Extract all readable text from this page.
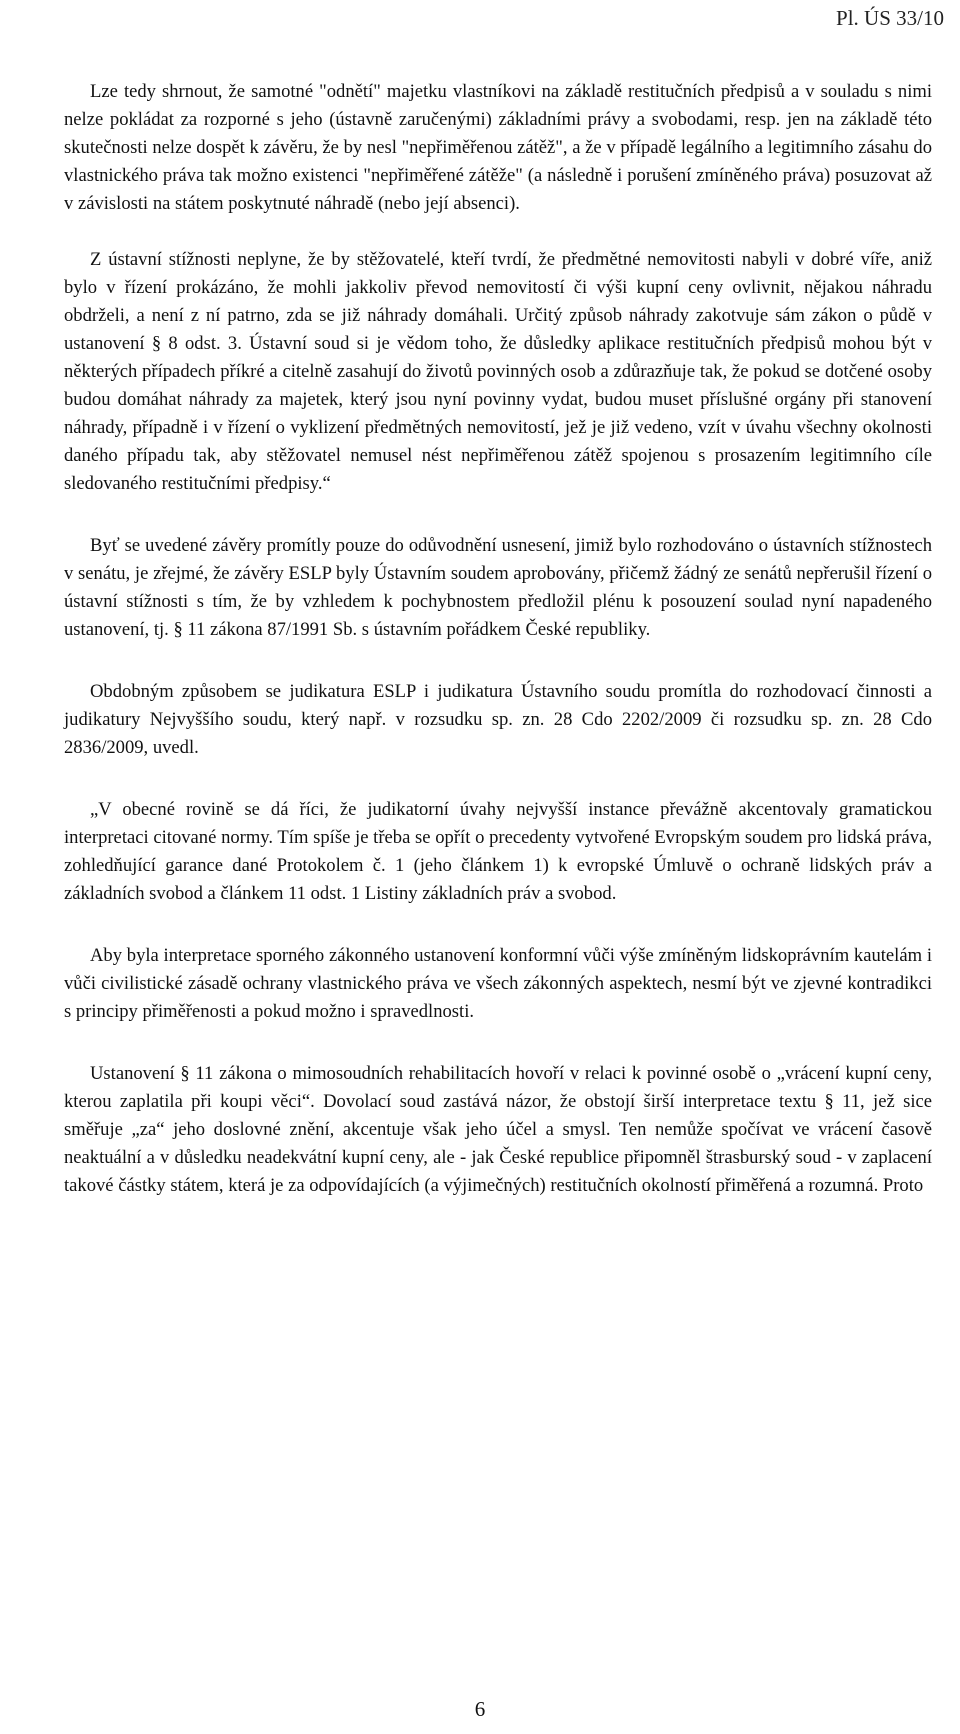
Pl. ÚS 33/10

Lze tedy shrnout, že samotné "odnětí" majetku vlastníkovi na základě restitučních předpisů a v souladu s nimi nelze pokládat za rozporné s jeho (ústavně zaručenými) základními právy a svobodami, resp. jen na základě této skutečnosti nelze dospět k závěru, že by nesl "nepřiměřenou zátěž", a že v případě legálního a legitimního zásahu do vlastnického práva tak možno existenci "nepřiměřené zátěže" (a následně i porušení zmíněného práva) posuzovat až v závislosti na státem poskytnuté náhradě (nebo její absenci).

Z ústavní stížnosti neplyne, že by stěžovatelé, kteří tvrdí, že předmětné nemovitosti nabyli v dobré víře, aniž bylo v řízení prokázáno, že mohli jakkoliv převod nemovitostí či výši kupní ceny ovlivnit, nějakou náhradu obdrželi, a není z ní patrno, zda se již náhrady domáhali. Určitý způsob náhrady zakotvuje sám zákon o půdě v ustanovení § 8 odst. 3. Ústavní soud si je vědom toho, že důsledky aplikace restitučních předpisů mohou být v některých případech příkré a citelně zasahují do životů povinných osob a zdůrazňuje tak, že pokud se dotčené osoby budou domáhat náhrady za majetek, který jsou nyní povinny vydat, budou muset příslušné orgány při stanovení náhrady, případně i v řízení o vyklizení předmětných nemovitostí, jež je již vedeno, vzít v úvahu všechny okolnosti daného případu tak, aby stěžovatel nemusel nést nepřiměřenou zátěž spojenou s prosazením legitimního cíle sledovaného restitučními předpisy.“

Byť se uvedené závěry promítly pouze do odůvodnění usnesení, jimiž bylo rozhodováno o ústavních stížnostech v senátu, je zřejmé, že závěry ESLP byly Ústavním soudem aprobovány, přičemž žádný ze senátů nepřerušil řízení o ústavní stížnosti s tím, že by vzhledem k pochybnostem předložil plénu k posouzení soulad nyní napadeného ustanovení, tj. § 11 zákona 87/1991 Sb. s ústavním pořádkem České republiky.

Obdobným způsobem se judikatura ESLP i judikatura Ústavního soudu promítla do rozhodovací činnosti a judikatury Nejvyššího soudu, který např. v rozsudku sp. zn. 28 Cdo 2202/2009 či rozsudku sp. zn. 28 Cdo 2836/2009, uvedl.

„V obecné rovině se dá říci, že judikatorní úvahy nejvyšší instance převážně akcentovaly gramatickou interpretaci citované normy. Tím spíše je třeba se opřít o precedenty vytvořené Evropským soudem pro lidská práva, zohledňující garance dané Protokolem č. 1 (jeho článkem 1) k evropské Úmluvě o ochraně lidských práv a základních svobod a článkem 11 odst. 1 Listiny základních práv a svobod.

Aby byla interpretace sporného zákonného ustanovení konformní vůči výše zmíněným lidskoprávním kautelám i vůči civilistické zásadě ochrany vlastnického práva ve všech zákonných aspektech, nesmí být ve zjevné kontradikci s principy přiměřenosti a pokud možno i spravedlnosti.

Ustanovení § 11 zákona o mimosoudních rehabilitacích hovoří v relaci k povinné osobě o „vrácení kupní ceny, kterou zaplatila při koupi věci“. Dovolací soud zastává názor, že obstojí širší interpretace textu § 11, jež sice směřuje „za“ jeho doslovné znění, akcentuje však jeho účel a smysl. Ten nemůže spočívat ve vrácení časově neaktuální a v důsledku neadekvátní kupní ceny, ale - jak České republice připomněl štrasburský soud - v zaplacení takové částky státem, která je za odpovídajících (a výjimečných) restitučních okolností přiměřená a rozumná. Proto

6
